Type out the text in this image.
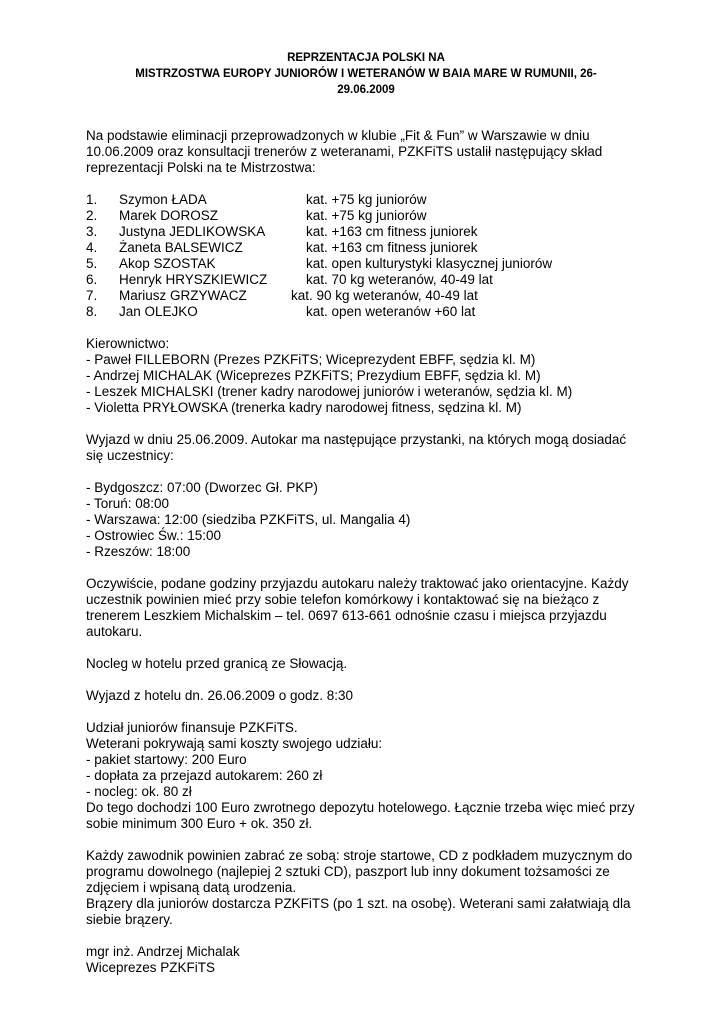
REPRZENTACJA POLSKI NA
MISTRZOSTWA EUROPY JUNIORÓW I WETERANÓW W BAIA MARE W RUMUNII, 26-
29.06.2009
Na podstawie eliminacji przeprowadzonych w klubie „Fit & Fun” w Warszawie w dniu
10.06.2009 oraz konsultacji trenerów z weteranami, PZKFiTS ustalił następujący skład
reprezentacji Polski na te Mistrzostwa:
1.	Szymon ŁADA	kat. +75 kg juniorów
2.	Marek DOROSZ	kat. +75 kg juniorów
3.	Justyna JEDLIKOWSKA	kat. +163 cm fitness juniorek
4.	Żaneta BALSEWICZ	kat. +163 cm fitness juniorek
5.	Akop SZOSTAK	kat. open kulturystyki klasycznej juniorów
6.	Henryk HRYSZKIEWICZ	kat. 70 kg weteranów, 40-49 lat
7.	Mariusz GRZYWACZ	kat. 90 kg weteranów, 40-49 lat
8.	Jan OLEJKO	kat. open weteranów +60 lat
Kierownictwo:
- Paweł FILLEBORN (Prezes PZKFiTS; Wiceprezydent EBFF, sędzia kl. M)
- Andrzej MICHALAK (Wiceprezes PZKFiTS; Prezydium EBFF, sędzia kl. M)
- Leszek MICHALSKI (trener kadry narodowej juniorów i weteranów, sędzia kl. M)
- Violetta PRYŁOWSKA (trenerka kadry narodowej fitness, sędzina kl. M)
Wyjazd w dniu 25.06.2009. Autokar ma następujące przystanki, na których mogą dosiadać
się uczestnicy:
- Bydgoszcz: 07:00 (Dworzec Gł. PKP)
- Toruń: 08:00
- Warszawa: 12:00 (siedziba PZKFiTS, ul. Mangalia 4)
- Ostrowiec Św.: 15:00
- Rzeszów: 18:00
Oczywiście, podane godziny przyjazdu autokaru należy traktować jako orientacyjne. Każdy
uczestnik powinien mieć przy sobie telefon komórkowy i kontaktować się na bieżąco z
trenerem Leszkiem Michalskim – tel. 0697 613-661 odnośnie czasu i miejsca przyjazdu
autokaru.
Nocleg w hotelu przed granicą ze Słowacją.
Wyjazd z hotelu dn. 26.06.2009 o godz. 8:30
Udział juniorów finansuje PZKFiTS.
Weterani pokrywają sami koszty swojego udziału:
- pakiet startowy: 200 Euro
- dopłata za przejazd autokarem: 260 zł
- nocleg: ok. 80 zł
Do tego dochodzi 100 Euro zwrotnego depozytu hotelowego. Łącznie trzeba więc mieć przy
sobie minimum 300 Euro + ok. 350 zł.
Każdy zawodnik powinien zabrać ze sobą: stroje startowe, CD z podkładem muzycznym do
programu dowolnego (najlepiej 2 sztuki CD), paszport lub inny dokument tożsamości ze
zdjęciem i wpisaną datą urodzenia.
Brązery dla juniorów dostarcza PZKFiTS (po 1 szt. na osobę). Weterani sami załatwiają dla
siebie brązery.
mgr inż. Andrzej Michalak
Wiceprezes PZKFiTS
